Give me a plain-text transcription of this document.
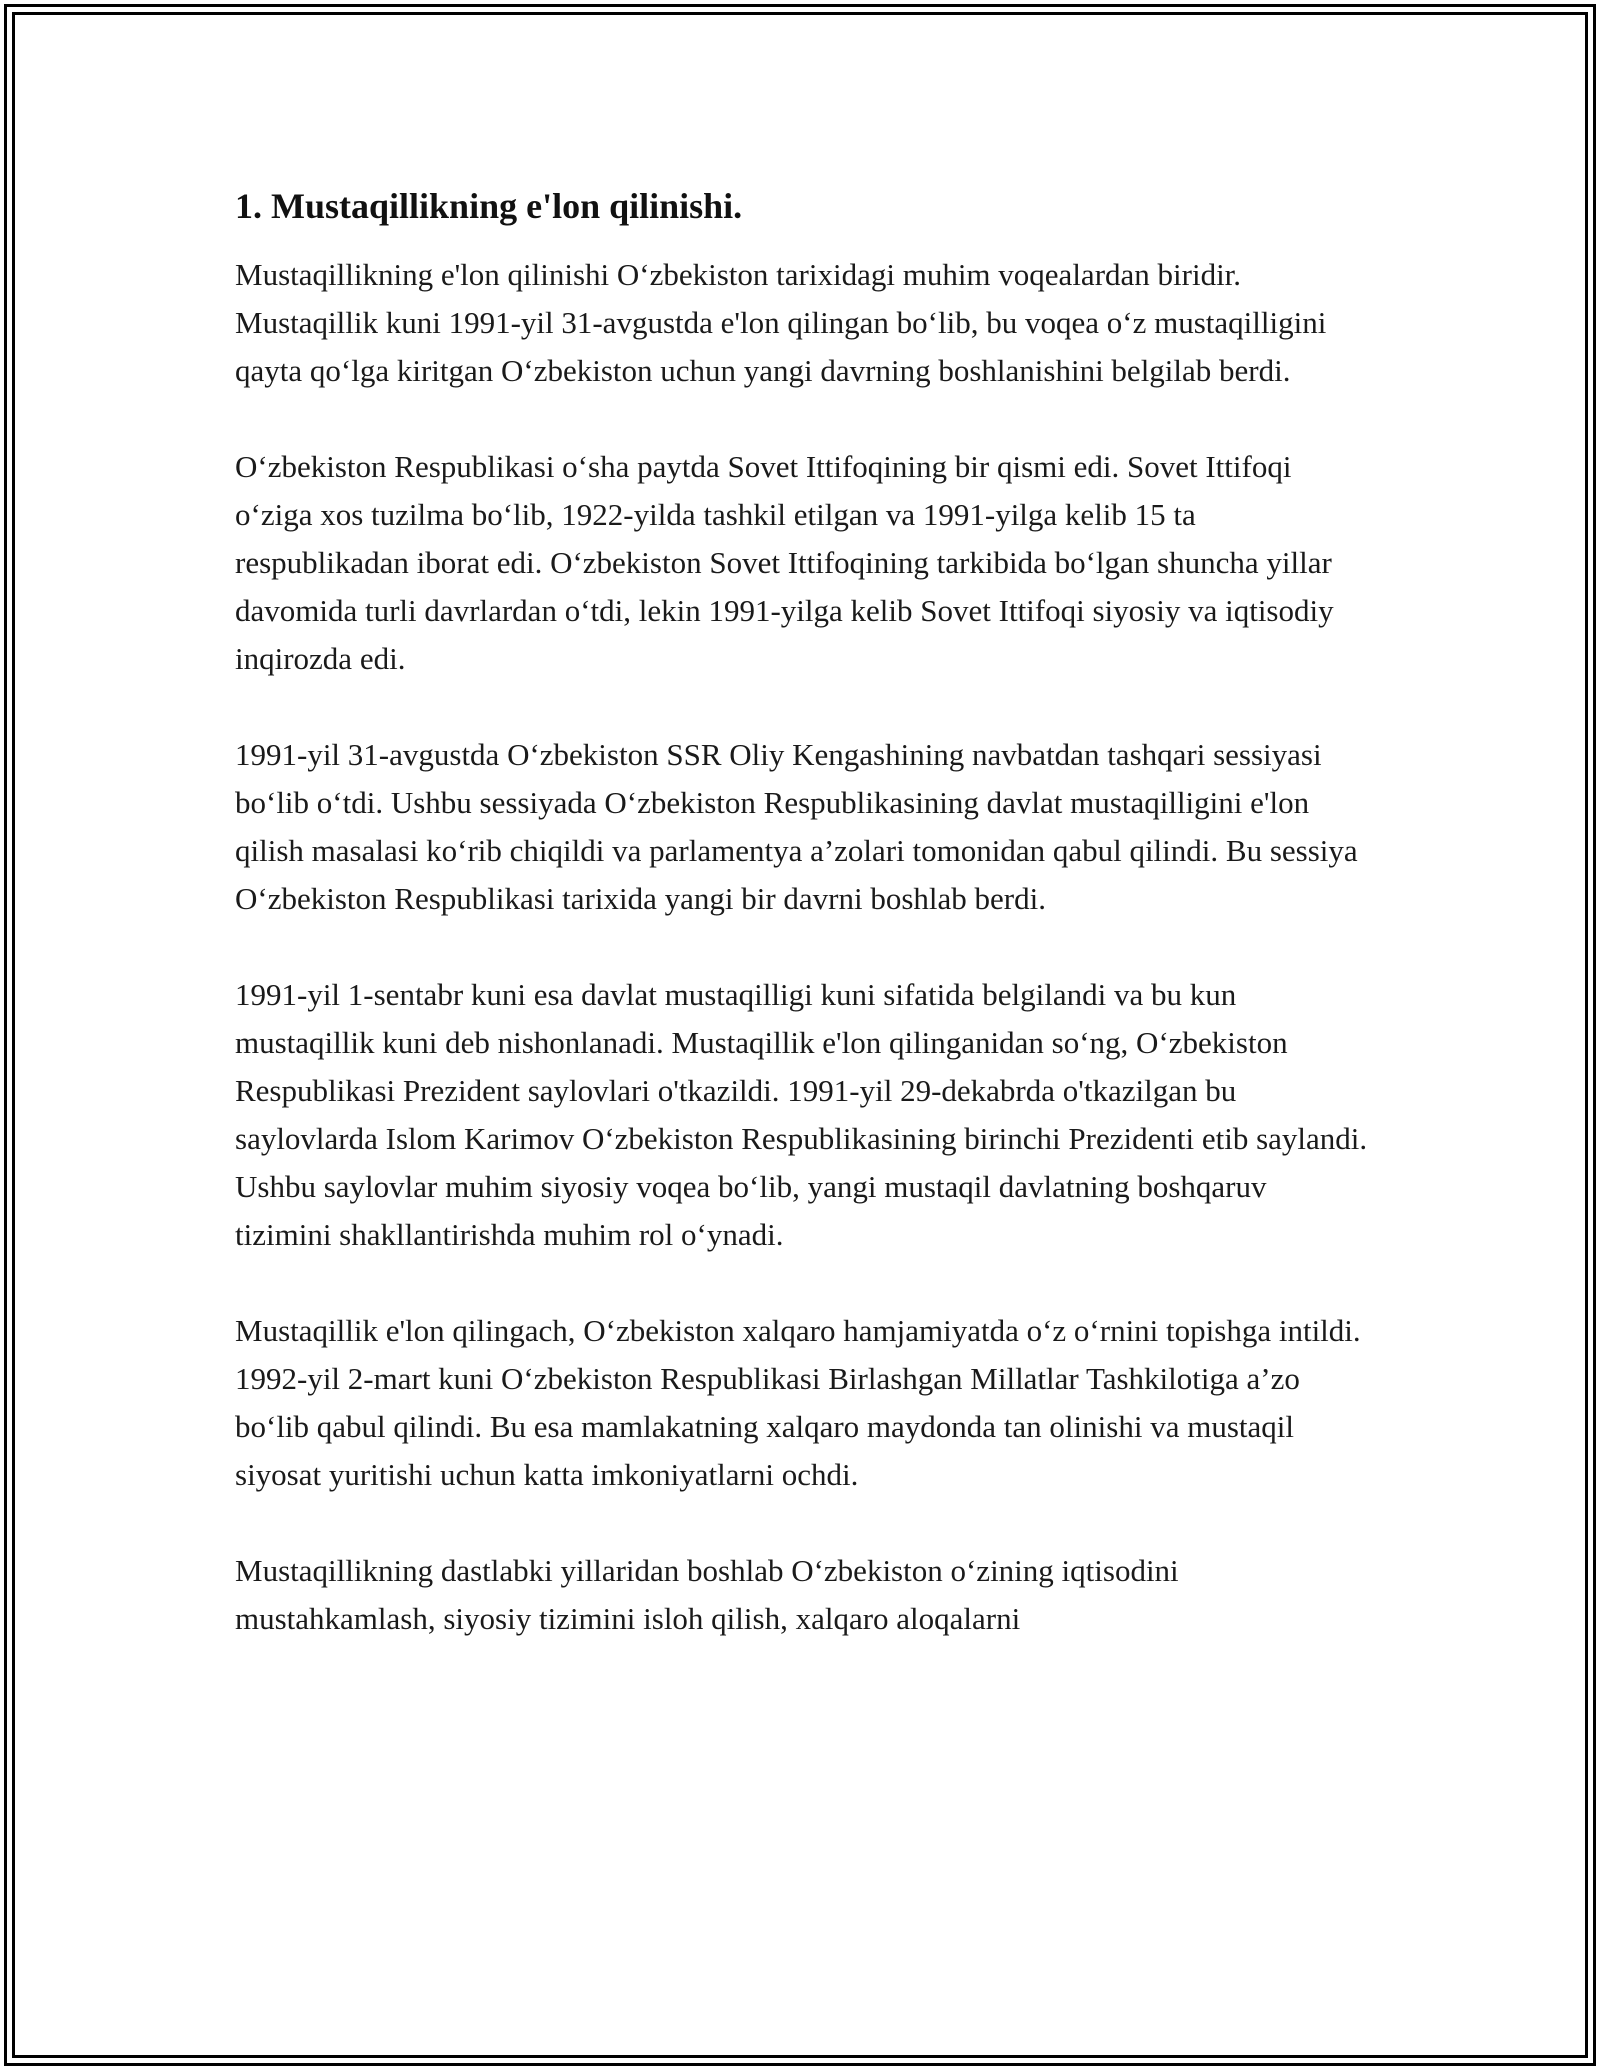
1. Mustaqillikning e'lon qilinishi.

Mustaqillikning e'lon qilinishi O‘zbekiston tarixidagi muhim voqealardan biridir. Mustaqillik kuni 1991-yil 31-avgustda e'lon qilingan bo‘lib, bu voqea o‘z mustaqilligini qayta qo‘lga kiritgan O‘zbekiston uchun yangi davrning boshlanishini belgilab berdi.

O‘zbekiston Respublikasi o‘sha paytda Sovet Ittifoqining bir qismi edi. Sovet Ittifoqi o‘ziga xos tuzilma bo‘lib, 1922-yilda tashkil etilgan va 1991-yilga kelib 15 ta respublikadan iborat edi. O‘zbekiston Sovet Ittifoqining tarkibida bo‘lgan shuncha yillar davomida turli davrlardan o‘tdi, lekin 1991-yilga kelib Sovet Ittifoqi siyosiy va iqtisodiy inqirozda edi.

1991-yil 31-avgustda O‘zbekiston SSR Oliy Kengashining navbatdan tashqari sessiyasi bo‘lib o‘tdi. Ushbu sessiyada O‘zbekiston Respublikasining davlat mustaqilligini e'lon qilish masalasi ko‘rib chiqildi va parlamentya a’zolari tomonidan qabul qilindi. Bu sessiya O‘zbekiston Respublikasi tarixida yangi bir davrni boshlab berdi.

1991-yil 1-sentabr kuni esa davlat mustaqilligi kuni sifatida belgilandi va bu kun mustaqillik kuni deb nishonlanadi. Mustaqillik e'lon qilinganidan so‘ng, O‘zbekiston Respublikasi Prezident saylovlari o'tkazildi. 1991-yil 29-dekabrda o'tkazilgan bu saylovlarda Islom Karimov O‘zbekiston Respublikasining birinchi Prezidenti etib saylandi. Ushbu saylovlar muhim siyosiy voqea bo‘lib, yangi mustaqil davlatning boshqaruv tizimini shakllantirishda muhim rol o‘ynadi.

Mustaqillik e'lon qilingach, O‘zbekiston xalqaro hamjamiyatda o‘z o‘rnini topishga intildi. 1992-yil 2-mart kuni O‘zbekiston Respublikasi Birlashgan Millatlar Tashkilotiga a’zo bo‘lib qabul qilindi. Bu esa mamlakatning xalqaro maydonda tan olinishi va mustaqil siyosat yuritishi uchun katta imkoniyatlarni ochdi.

Mustaqillikning dastlabki yillaridan boshlab O‘zbekiston o‘zining iqtisodini mustahkamlash, siyosiy tizimini isloh qilish, xalqaro aloqalarni
